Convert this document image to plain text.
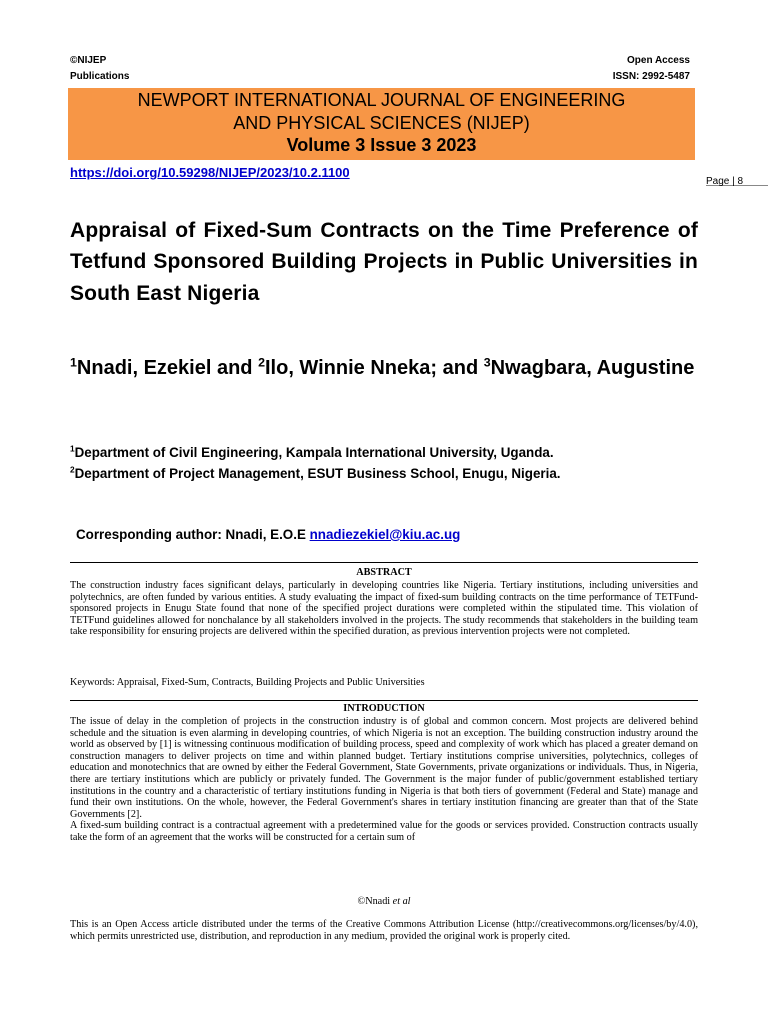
©NIJEP
Publications
Open Access
ISSN: 2992-5487
NEWPORT INTERNATIONAL JOURNAL OF ENGINEERING
AND PHYSICAL SCIENCES (NIJEP)
Volume 3 Issue 3 2023
https://doi.org/10.59298/NIJEP/2023/10.2.1100
Page | 8
Appraisal of Fixed-Sum Contracts on the Time Preference of Tetfund Sponsored Building Projects in Public Universities in South East Nigeria
$^1$Nnadi, Ezekiel and $^2$Ilo, Winnie Nneka; and $^3$Nwagbara, Augustine
$^1$Department of Civil Engineering, Kampala International University, Uganda.
$^2$Department of Project Management, ESUT Business School, Enugu, Nigeria.
Corresponding author: Nnadi, E.O.E nnadiezekiel@kiu.ac.ug
ABSTRACT
The construction industry faces significant delays, particularly in developing countries like Nigeria. Tertiary institutions, including universities and polytechnics, are often funded by various entities. A study evaluating the impact of fixed-sum building contracts on the time performance of TETFund-sponsored projects in Enugu State found that none of the specified project durations were completed within the stipulated time. This violation of TETFund guidelines allowed for nonchalance by all stakeholders involved in the projects. The study recommends that stakeholders in the building team take responsibility for ensuring projects are delivered within the specified duration, as previous intervention projects were not completed.
Keywords: Appraisal, Fixed-Sum, Contracts, Building Projects and Public Universities
INTRODUCTION

The issue of delay in the completion of projects in the construction industry is of global and common concern. Most projects are delivered behind schedule and the situation is even alarming in developing countries, of which Nigeria is not an exception. The building construction industry around the world as observed by [1] is witnessing continuous modification of building process, speed and complexity of work which has placed a greater demand on construction managers to deliver projects on time and within planned budget. Tertiary institutions comprise universities, polytechnics, colleges of education and monotechnics that are owned by either the Federal Government, State Governments, private organizations or individuals. Thus, in Nigeria, there are tertiary institutions which are publicly or privately funded. The Government is the major funder of public/government established tertiary institutions in the country and a characteristic of tertiary institutions funding in Nigeria is that both tiers of government (Federal and State) manage and fund their own institutions. On the whole, however, the Federal Government's shares in tertiary institution financing are greater than that of the State Governments [2].

A fixed-sum building contract is a contractual agreement with a predetermined value for the goods or services provided. Construction contracts usually take the form of an agreement that the works will be constructed for a certain sum of

©Nnadi et al
This is an Open Access article distributed under the terms of the Creative Commons Attribution License (http://creativecommons.org/licenses/by/4.0), which permits unrestricted use, distribution, and reproduction in any medium, provided the original work is properly cited.
